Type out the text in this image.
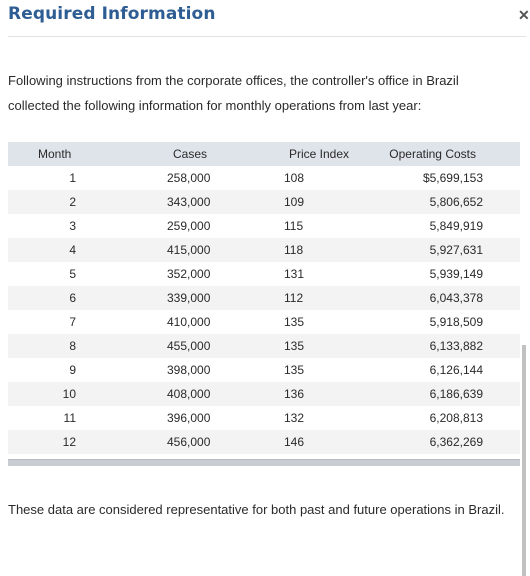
Required Information	✕
Following instructions from the corporate offices, the controller's office in Brazil collected the following information for monthly operations from last year:
Month	Cases	Price Index	Operating Costs
1	258,000	108	$5,699,153
2	343,000	109	5,806,652
3	259,000	115	5,849,919
4	415,000	118	5,927,631
5	352,000	131	5,939,149
6	339,000	112	6,043,378
7	410,000	135	5,918,509
8	455,000	135	6,133,882
9	398,000	135	6,126,144
10	408,000	136	6,186,639
11	396,000	132	6,208,813
12	456,000	146	6,362,269
These data are considered representative for both past and future operations in Brazil.
